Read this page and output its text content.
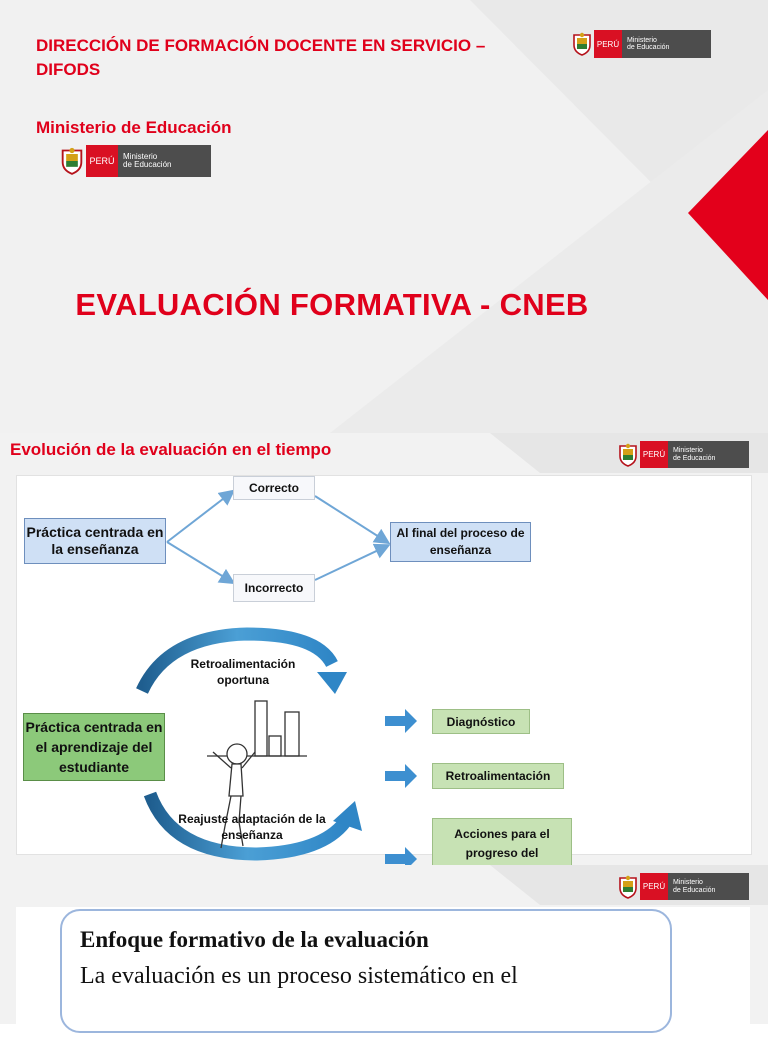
DIRECCIÓN DE FORMACIÓN DOCENTE EN SERVICIO –
DIFODS
PERÚ	Ministerio
de Educación
Ministerio de Educación
PERÚ	Ministerio
de Educación
EVALUACIÓN FORMATIVA - CNEB
Evolución de la evaluación en el tiempo	PERÚ	Ministerio
de Educación
Práctica centrada en la enseñanza
Correcto
Incorrecto
Al final del proceso de enseñanza
Práctica centrada en el aprendizaje del estudiante
Retroalimentación oportuna
Reajuste adaptación de la enseñanza
Diagnóstico
Retroalimentación
Acciones para el progreso del
PERÚ	Ministerio
de Educación
Enfoque formativo de la evaluación
La evaluación es un proceso sistemático en el
